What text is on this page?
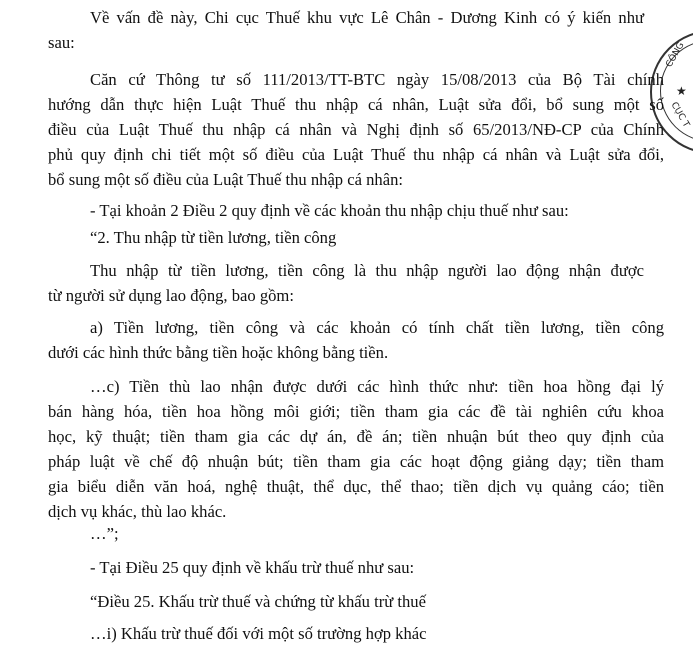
CÔNG
CỤC T
★
Về vấn đề này, Chi cục Thuế khu vực Lê Chân - Dương Kinh có ý kiến như
sau:
Căn cứ Thông tư số 111/2013/TT-BTC ngày 15/08/2013 của Bộ Tài chính
hướng dẫn thực hiện Luật Thuế thu nhập cá nhân, Luật sửa đổi, bổ sung một số
điều của Luật Thuế thu nhập cá nhân và Nghị định số 65/2013/NĐ-CP của Chính
phủ quy định chi tiết một số điều của Luật Thuế thu nhập cá nhân và Luật sửa đổi,
bổ sung một số điều của Luật Thuế thu nhập cá nhân:
- Tại khoản 2 Điều 2 quy định về các khoản thu nhập chịu thuế như sau:
“2. Thu nhập từ tiền lương, tiền công
Thu nhập từ tiền lương, tiền công là thu nhập người lao động nhận được
từ người sử dụng lao động, bao gồm:
a) Tiền lương, tiền công và các khoản có tính chất tiền lương, tiền công
dưới các hình thức bằng tiền hoặc không bằng tiền.
…c) Tiền thù lao nhận được dưới các hình thức như: tiền hoa hồng đại lý
bán hàng hóa, tiền hoa hồng môi giới; tiền tham gia các đề tài nghiên cứu khoa
học, kỹ thuật; tiền tham gia các dự án, đề án; tiền nhuận bút theo quy định của
pháp luật về chế độ nhuận bút; tiền tham gia các hoạt động giảng dạy; tiền tham
gia biểu diễn văn hoá, nghệ thuật, thể dục, thể thao; tiền dịch vụ quảng cáo; tiền
dịch vụ khác, thù lao khác.
…”;
- Tại Điều 25 quy định về khấu trừ thuế như sau:
“Điều 25. Khấu trừ thuế và chứng từ khấu trừ thuế
…i) Khấu trừ thuế đối với một số trường hợp khác
